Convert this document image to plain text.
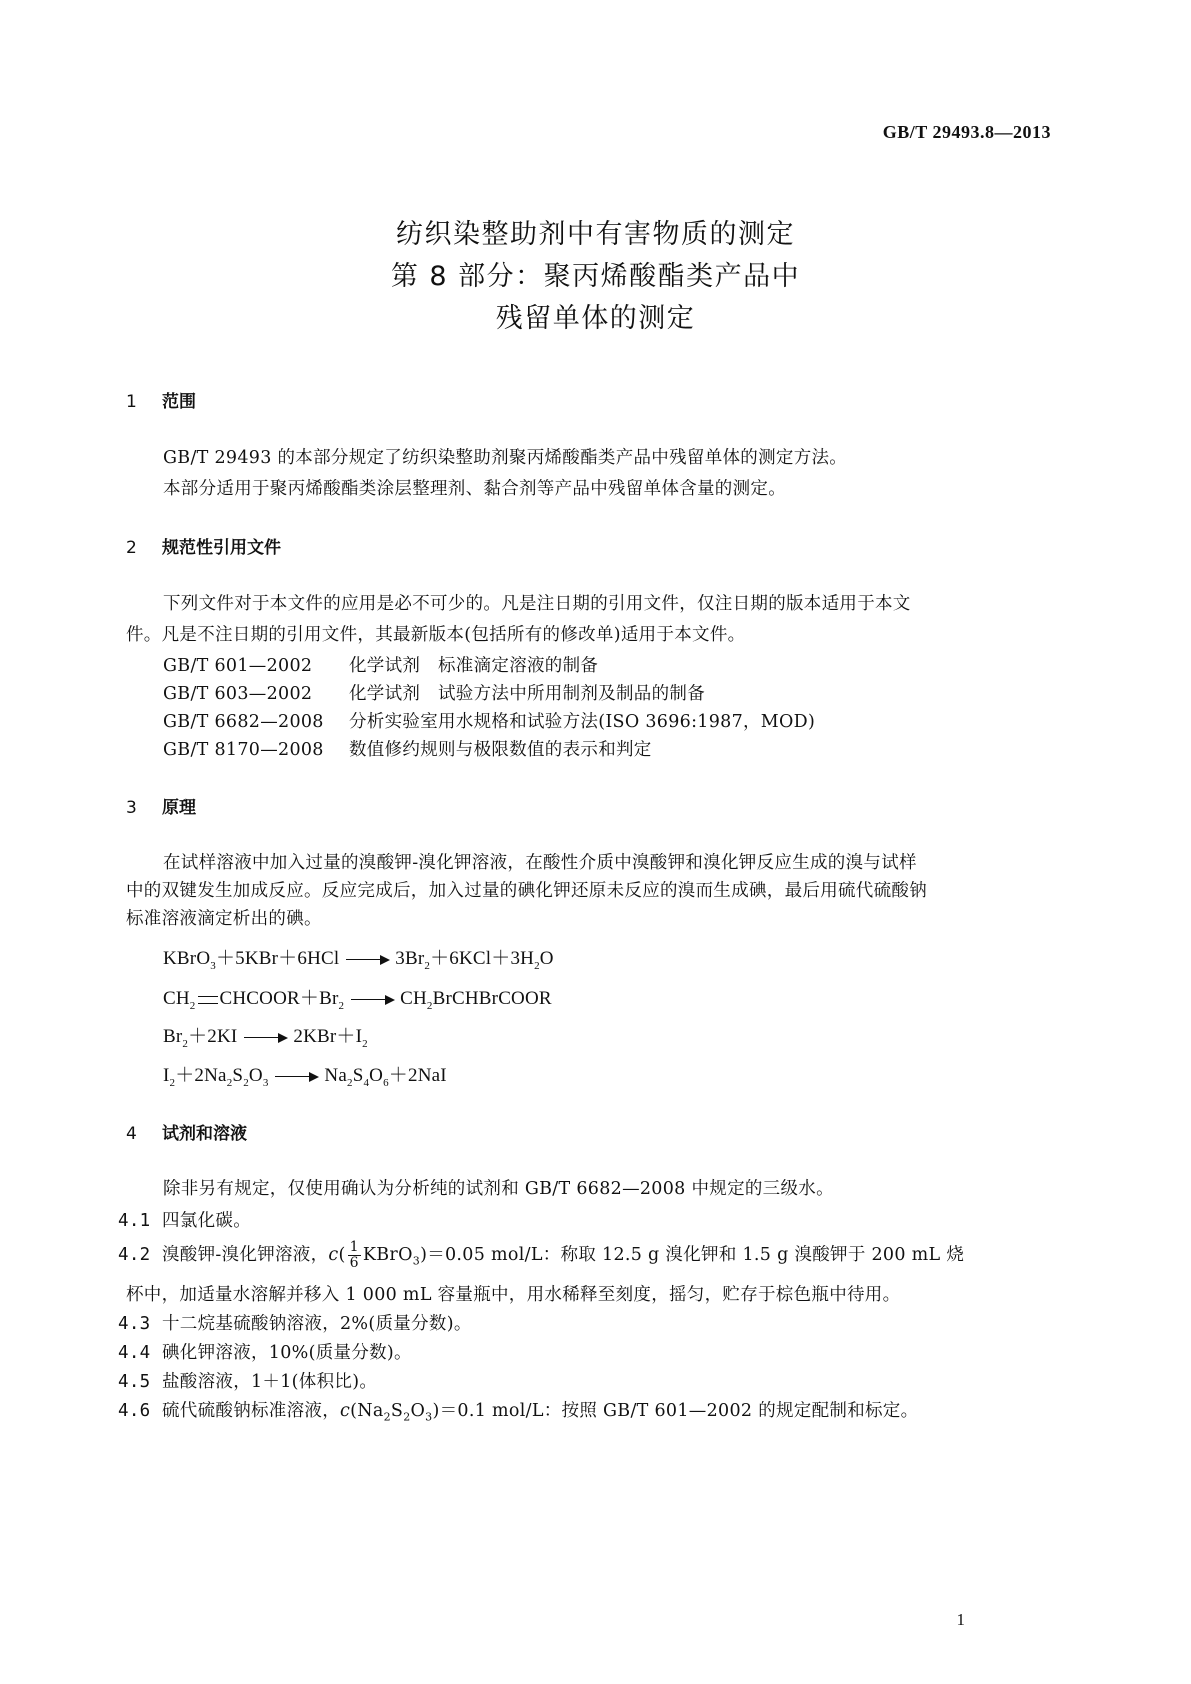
GB/T 29493.8—2013
纺织染整助剂中有害物质的测定
第 8 部分：聚丙烯酸酯类产品中
残留单体的测定
1 范围
GB/T 29493 的本部分规定了纺织染整助剂聚丙烯酸酯类产品中残留单体的测定方法。
本部分适用于聚丙烯酸酯类涂层整理剂、黏合剂等产品中残留单体含量的测定。
2 规范性引用文件
下列文件对于本文件的应用是必不可少的。凡是注日期的引用文件，仅注日期的版本适用于本文
件。凡是不注日期的引用文件，其最新版本(包括所有的修改单)适用于本文件。
GB/T 601—2002 化学试剂　标准滴定溶液的制备
GB/T 603—2002 化学试剂　试验方法中所用制剂及制品的制备
GB/T 6682—2008 分析实验室用水规格和试验方法(ISO 3696:1987，MOD)
GB/T 8170—2008 数值修约规则与极限数值的表示和判定
3 原理
在试样溶液中加入过量的溴酸钾-溴化钾溶液，在酸性介质中溴酸钾和溴化钾反应生成的溴与试样
中的双键发生加成反应。反应完成后，加入过量的碘化钾还原未反应的溴而生成碘，最后用硫代硫酸钠
标准溶液滴定析出的碘。
KBrO$_3$＋5KBr＋6HCl	$3Br_2+6KCl+3H_2O$
$CH_2$ $CHCOOR+Br_2$	$CH_2BrCHBrCOOR$
$Br_2+2KI$	$2KBr+I_2$
$I_2+2Na_2S_2O_3$	$Na_2S_4O_6+2NaI$
4 试剂和溶液
除非另有规定，仅使用确认为分析纯的试剂和 GB/T 6682—2008 中规定的三级水。
4.1 四氯化碳。
4.2 溴酸钾-溴化钾溶液，$c( \frac{1}{6}$ KBrO$_3$)＝0.05 mol/L：称取 12.5 g 溴化钾和 1.5 g 溴酸钾于 200 mL 烧
杯中，加适量水溶解并移入 1 000 mL 容量瓶中，用水稀释至刻度，摇匀，贮存于棕色瓶中待用。
4.3 十二烷基硫酸钠溶液，2%(质量分数)。
4.4 碘化钾溶液，10%(质量分数)。
4.5 盐酸溶液，1＋1(体积比)。
4.6 硫代硫酸钠标准溶液，$c(Na_2S_2O_3)=0.1$ mol/L：按照 GB/T 601—2002 的规定配制和标定。
1
